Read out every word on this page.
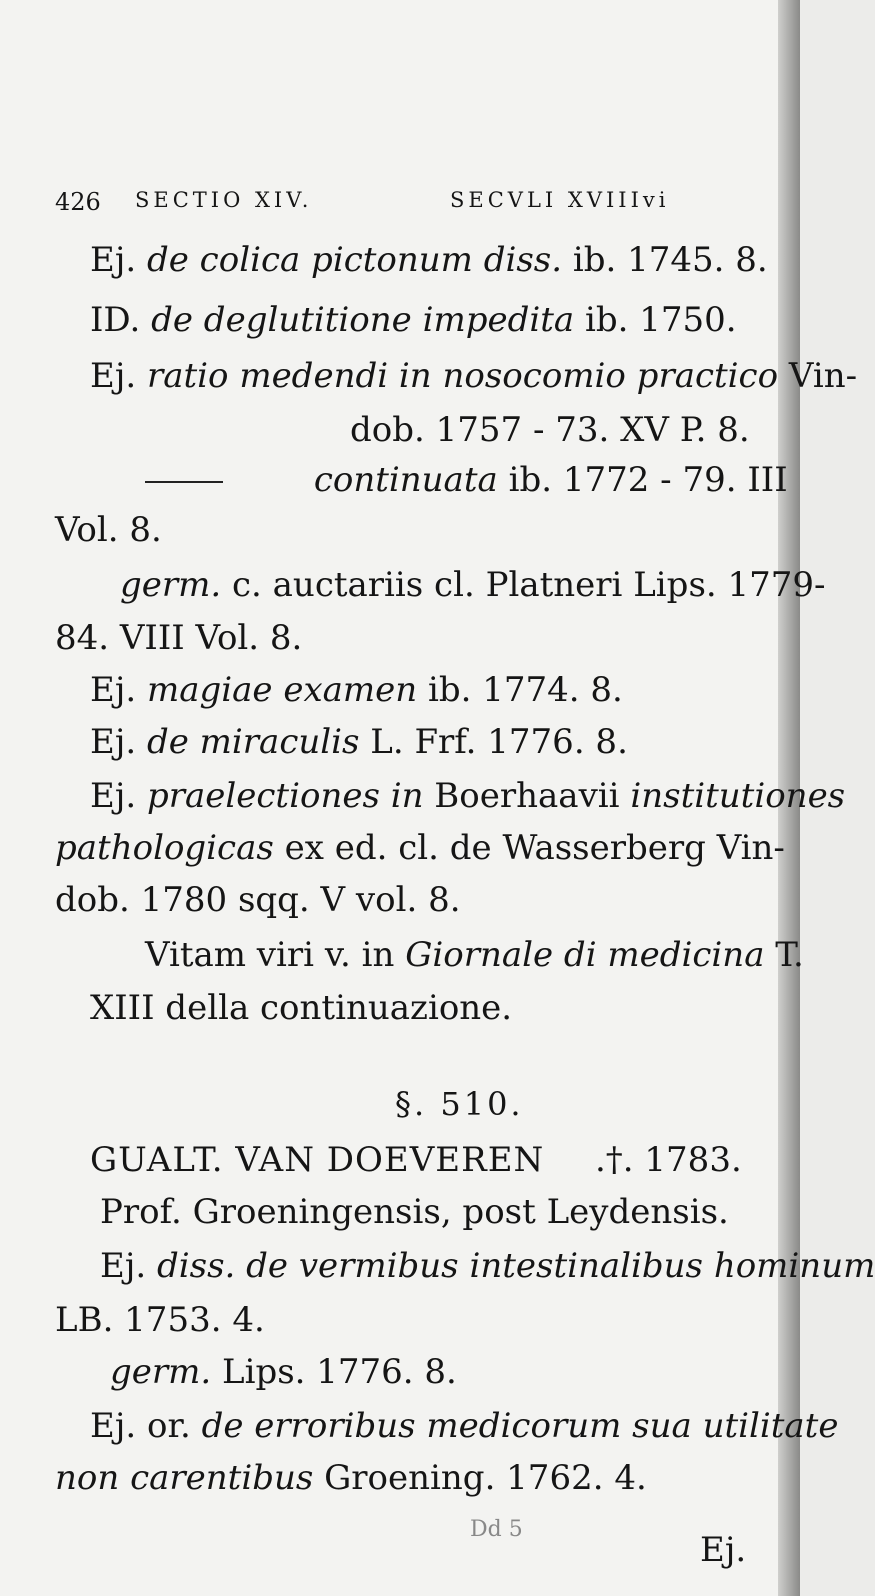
426 SECTIO XIV.	SECVLI XVIIIvi
Ej. de colica pictonum diss. ib. 1745. 8.
ID. de deglutitione impedita ib. 1750.
Ej. ratio medendi in nosocomio practico Vin-
dob. 1757 - 73. XV P. 8.
continuata ib. 1772 - 79. III
Vol. 8.
germ. c. auctariis cl. Platneri Lips. 1779-
84. VIII Vol. 8.
Ej. magiae examen ib. 1774. 8.
Ej. de miraculis L. Frf. 1776. 8.
Ej. praelectiones in Boerhaavii institutiones
pathologicas ex ed. cl. de Wasserberg Vin-
dob. 1780 sqq. V vol. 8.
Vitam viri v. in Giornale di medicina T.
XIII della continuazione.
§. 510.
GUALT. VAN DOEVEREN .†. 1783.
Prof. Groeningensis, post Leydensis.
Ej. diss. de vermibus intestinalibus hominum
LB. 1753. 4.
germ. Lips. 1776. 8.
Ej. or. de erroribus medicorum sua utilitate
non carentibus Groening. 1762. 4.
Dd 5
Ej.
